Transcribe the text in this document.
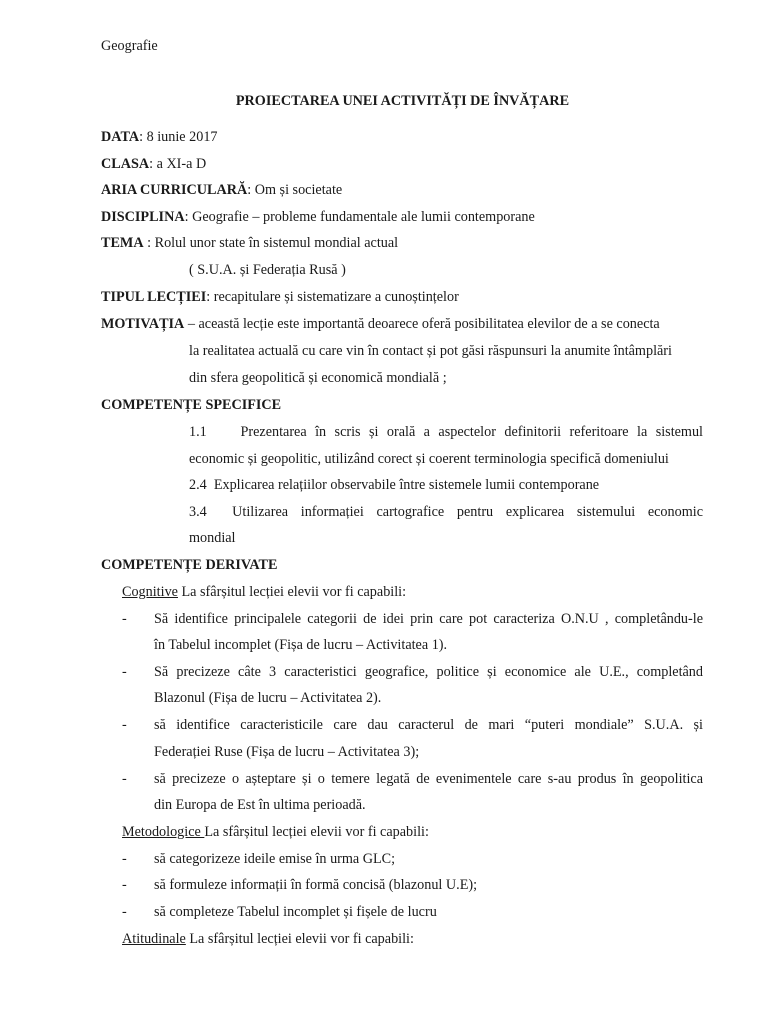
Geografie
PROIECTAREA UNEI ACTIVITĂȚI DE ÎNVĂȚARE
DATA: 8 iunie 2017
CLASA: a XI-a D
ARIA CURRICULARĂ: Om și societate
DISCIPLINA: Geografie – probleme fundamentale ale lumii contemporane
TEMA : Rolul unor state în sistemul mondial actual
( S.U.A. și Federația Rusă )
TIPUL LECȚIEI: recapitulare și sistematizare a cunoștințelor
MOTIVAȚIA – această lecție este importantă deoarece oferă posibilitatea elevilor de a se conecta
la realitatea actuală cu care vin în contact și pot găsi răspunsuri la anumite întâmplări
din sfera geopolitică și economică mondială ;
COMPETENȚE SPECIFICE
1.1 Prezentarea în scris și orală a aspectelor definitorii referitoare la sistemul
economic și geopolitic, utilizând corect și coerent terminologia specifică domeniului
2.4 Explicarea relațiilor observabile între sistemele lumii contemporane
3.4 Utilizarea informației cartografice pentru explicarea sistemului economic
mondial
COMPETENȚE DERIVATE
Cognitive La sfârșitul lecției elevii vor fi capabili:
- Să identifice principalele categorii de idei prin care pot caracteriza O.N.U , completându-le
în Tabelul incomplet (Fișa de lucru – Activitatea 1).
- Să precizeze câte 3 caracteristici geografice, politice și economice ale U.E., completând
Blazonul (Fișa de lucru – Activitatea 2).
- să identifice caracteristicile care dau caracterul de mari “puteri mondiale” S.U.A. și
Federației Ruse (Fișa de lucru – Activitatea 3);
- să precizeze o așteptare și o temere legată de evenimentele care s-au produs în geopolitica
din Europa de Est în ultima perioadă.
Metodologice La sfârșitul lecției elevii vor fi capabili:
- să categorizeze ideile emise în urma GLC;
- să formuleze informații în formă concisă (blazonul U.E);
- să completeze Tabelul incomplet și fișele de lucru
Atitudinale La sfârșitul lecției elevii vor fi capabili:
